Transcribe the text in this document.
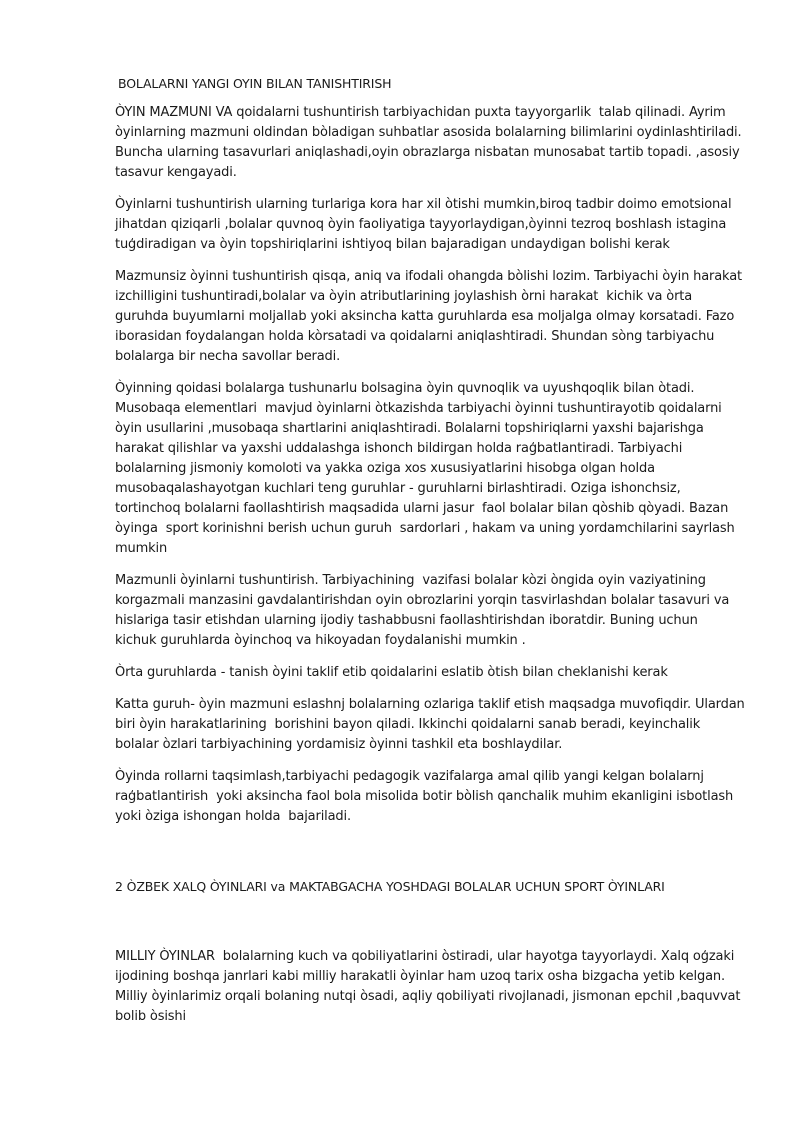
BOLALARNI YANGI OYIN BILAN TANISHTIRISH

ÒYIN MAZMUNI VA qoidalarni tushuntirish tarbiyachidan puxta tayyorgarlik  talab qilinadi. Ayrim òyinlarning mazmuni oldindan bòladigan suhbatlar asosida bolalarning bilimlarini oydinlashtiriladi. Buncha ularning tasavurlari aniqlashadi,oyin obrazlarga nisbatan munosabat tartib topadi. ,asosiy tasavur kengayadi.

Òyinlarni tushuntirish ularning turlariga kora har xil òtishi mumkin,biroq tadbir doimo emotsional jihatdan qiziqarli ,bolalar quvnoq òyin faoliyatiga tayyorlaydigan,òyinni tezroq boshlash istagina tuģdiradigan va òyin topshiriqlarini ishtiyoq bilan bajaradigan undaydigan bolishi kerak

Mazmunsiz òyinni tushuntirish qisqa, aniq va ifodali ohangda bòlishi lozim. Tarbiyachi òyin harakat izchilligini tushuntiradi,bolalar va òyin atributlarining joylashish òrni harakat  kichik va òrta guruhda buyumlarni moljallab yoki aksincha katta guruhlarda esa moljalga olmay korsatadi. Fazo iborasidan foydalangan holda kòrsatadi va qoidalarni aniqlashtiradi. Shundan sòng tarbiyachu bolalarga bir necha savollar beradi.

Òyinning qoidasi bolalarga tushunarlu bolsagina òyin quvnoqlik va uyushqoqlik bilan òtadi. Musobaqa elementlari  mavjud òyinlarni òtkazishda tarbiyachi òyinni tushuntirayotib qoidalarni òyin usullarini ,musobaqa shartlarini aniqlashtiradi. Bolalarni topshiriqlarni yaxshi bajarishga harakat qilishlar va yaxshi uddalashga ishonch bildirgan holda raģbatlantiradi. Tarbiyachi bolalarning jismoniy komoloti va yakka oziga xos xususiyatlarini hisobga olgan holda musobaqalashayotgan kuchlari teng guruhlar - guruhlarni birlashtiradi. Oziga ishonchsiz, tortinchoq bolalarni faollashtirish maqsadida ularni jasur  faol bolalar bilan qòshib qòyadi. Bazan òyinga  sport korinishni berish uchun guruh  sardorlari , hakam va uning yordamchilarini sayrlash mumkin

Mazmunli òyinlarni tushuntirish. Tarbiyachining  vazifasi bolalar kòzi òngida oyin vaziyatining korgazmali manzasini gavdalantirishdan oyin obrozlarini yorqin tasvirlashdan bolalar tasavuri va hislariga tasir etishdan ularning ijodiy tashabbusni faollashtirishdan iboratdir. Buning uchun  kichuk guruhlarda òyinchoq va hikoyadan foydalanishi mumkin .

Òrta guruhlarda - tanish òyini taklif etib qoidalarini eslatib òtish bilan cheklanishi kerak

Katta guruh- òyin mazmuni eslashnj bolalarning ozlariga taklif etish maqsadga muvofiqdir. Ulardan biri òyin harakatlarining  borishini bayon qiladi. Ikkinchi qoidalarni sanab beradi, keyinchalik bolalar òzlari tarbiyachining yordamisiz òyinni tashkil eta boshlaydilar.

Òyinda rollarni taqsimlash,tarbiyachi pedagogik vazifalarga amal qilib yangi kelgan bolalarnj raģbatlantirish  yoki aksincha faol bola misolida botir bòlish qanchalik muhim ekanligini isbotlash yoki òziga ishongan holda  bajariladi.

2 ÒZBEK XALQ ÒYINLARI va MAKTABGACHA YOSHDAGI BOLALAR UCHUN SPORT ÒYINLARI

MILLIY ÒYINLAR  bolalarning kuch va qobiliyatlarini òstiradi, ular hayotga tayyorlaydi. Xalq oģzaki ijodining boshqa janrlari kabi milliy harakatli òyinlar ham uzoq tarix osha bizgacha yetib kelgan. Milliy òyinlarimiz orqali bolaning nutqi òsadi, aqliy qobiliyati rivojlanadi, jismonan epchil ,baquvvat bolib òsishi
